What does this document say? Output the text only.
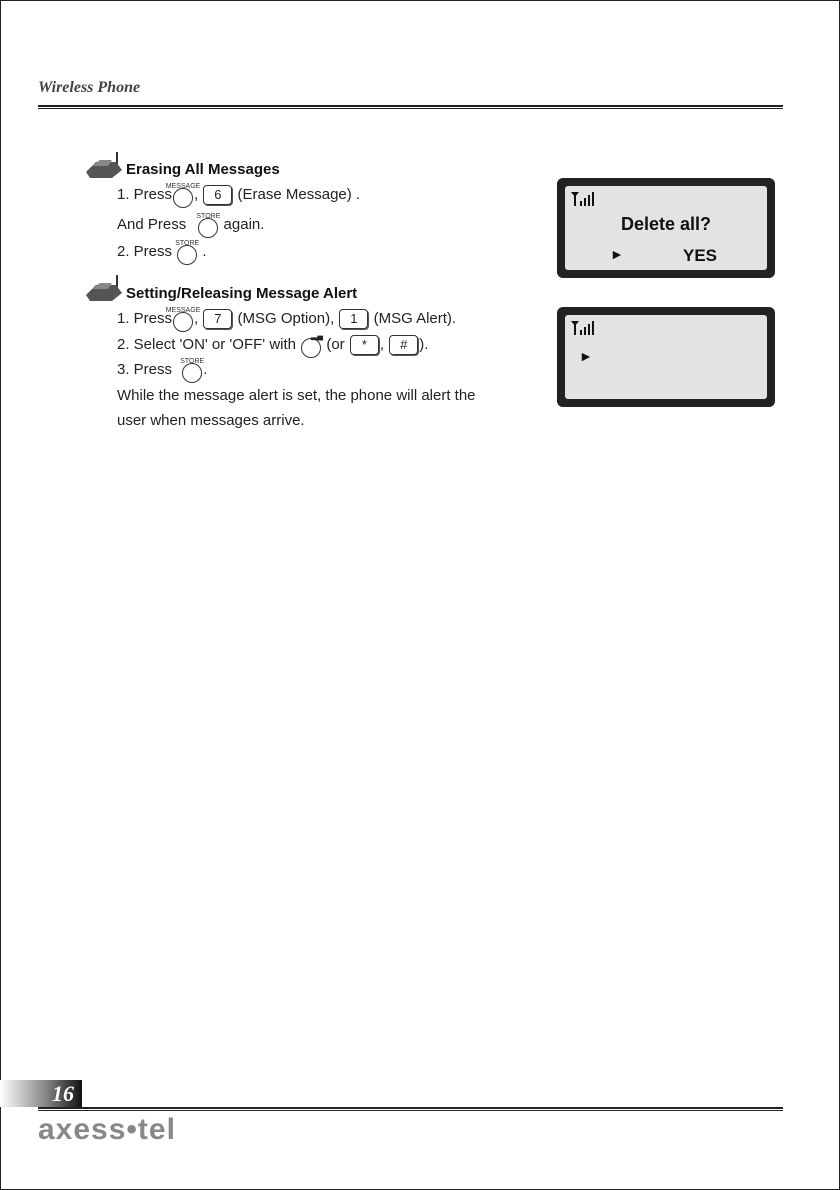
Wireless Phone
Erasing All Messages
1. Press
MESSAGE
, 6 (Erase Message) .
And Press STORE again.
2. Press STORE .
Setting/Releasing Message Alert
1. Press
MESSAGE
, 7 (MSG Option), 1 (MSG Alert).
2. Select 'ON' or 'OFF' with
▂▄
(or * , # ).
3. Press STORE .
While the message alert is set, the phone will alert the
user when messages arrive.
Delete all?
►	YES
►
16
axess•tel
